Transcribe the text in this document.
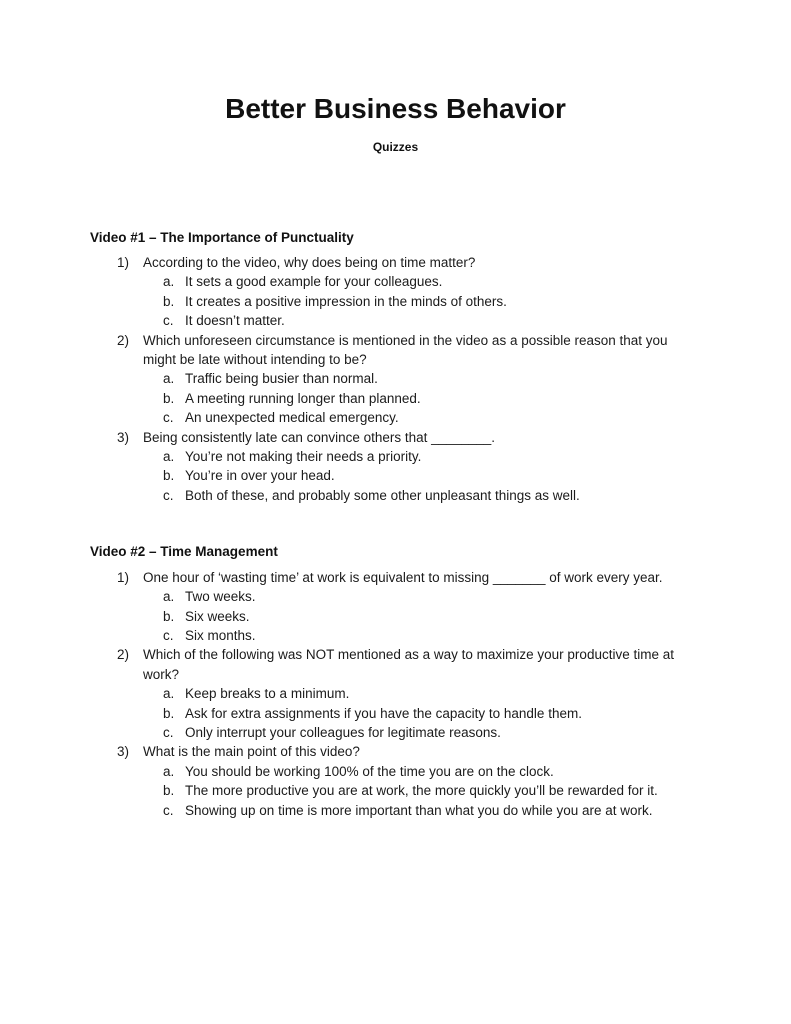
Better Business Behavior
Quizzes
Video #1 – The Importance of Punctuality
1)	According to the video, why does being on time matter?
a. It sets a good example for your colleagues.
b. It creates a positive impression in the minds of others.
c. It doesn’t matter.
2)	Which unforeseen circumstance is mentioned in the video as a possible reason that you might be late without intending to be?
a. Traffic being busier than normal.
b. A meeting running longer than planned.
c. An unexpected medical emergency.
3)	Being consistently late can convince others that ________.
a. You’re not making their needs a priority.
b. You’re in over your head.
c. Both of these, and probably some other unpleasant things as well.
Video #2 – Time Management
1)	One hour of ‘wasting time’ at work is equivalent to missing _______ of work every year.
a. Two weeks.
b. Six weeks.
c. Six months.
2)	Which of the following was NOT mentioned as a way to maximize your productive time at work?
a. Keep breaks to a minimum.
b. Ask for extra assignments if you have the capacity to handle them.
c. Only interrupt your colleagues for legitimate reasons.
3)	What is the main point of this video?
a. You should be working 100% of the time you are on the clock.
b. The more productive you are at work, the more quickly you’ll be rewarded for it.
c. Showing up on time is more important than what you do while you are at work.
